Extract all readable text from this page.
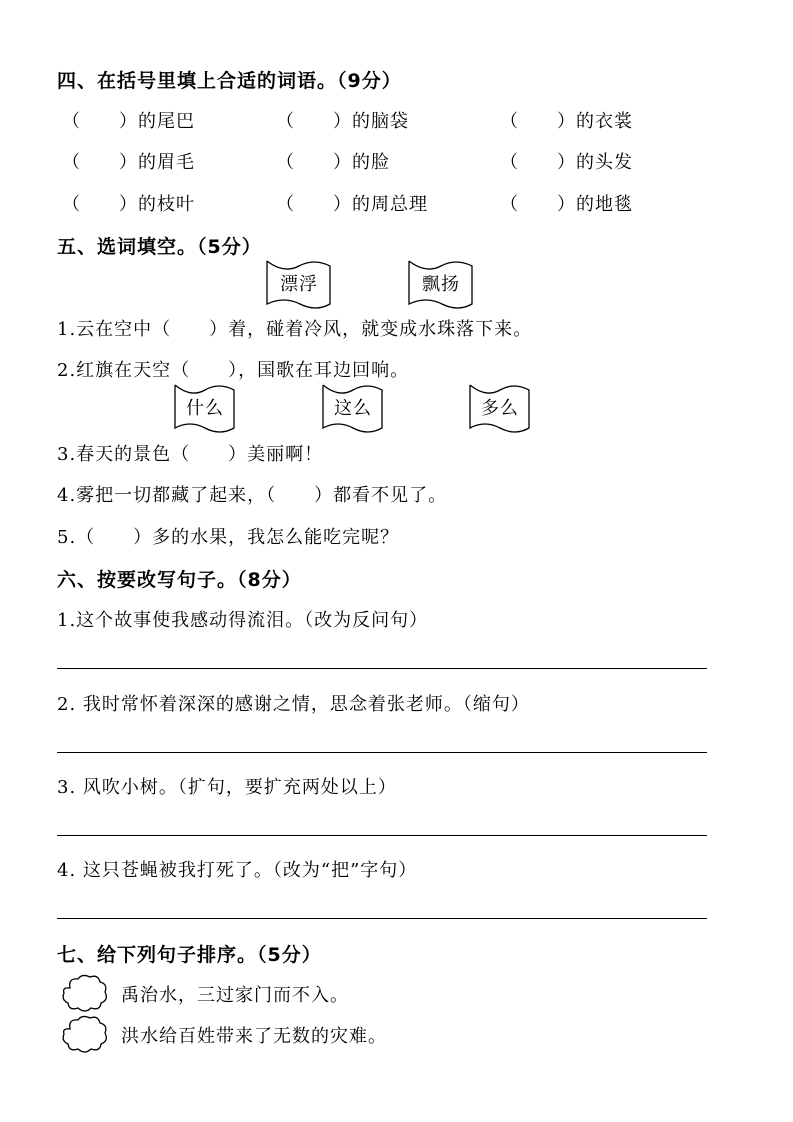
四、在括号里填上合适的词语。（9分）
（　　）的尾巴	（　　）的脑袋	（　　）的衣裳
（　　）的眉毛	（　　）的脸	（　　）的头发
（　　）的枝叶	（　　）的周总理	（　　）的地毯
五、选词填空。（5分）
漂浮	飘扬
1.云在空中（　　）着，碰着冷风，就变成水珠落下来。
2.红旗在天空（　　），国歌在耳边回响。
什么	这么	多么
3.春天的景色（　　）美丽啊！
4.雾把一切都藏了起来，（　　）都看不见了。
5.（　　）多的水果，我怎么能吃完呢？
六、按要改写句子。（8分）
1.这个故事使我感动得流泪。（改为反问句）
2. 我时常怀着深深的感谢之情，思念着张老师。（缩句）
3. 风吹小树。（扩句，要扩充两处以上）
4. 这只苍蝇被我打死了。（改为“把”字句）
七、给下列句子排序。（5分）
禹治水，三过家门而不入。
洪水给百姓带来了无数的灾难。
